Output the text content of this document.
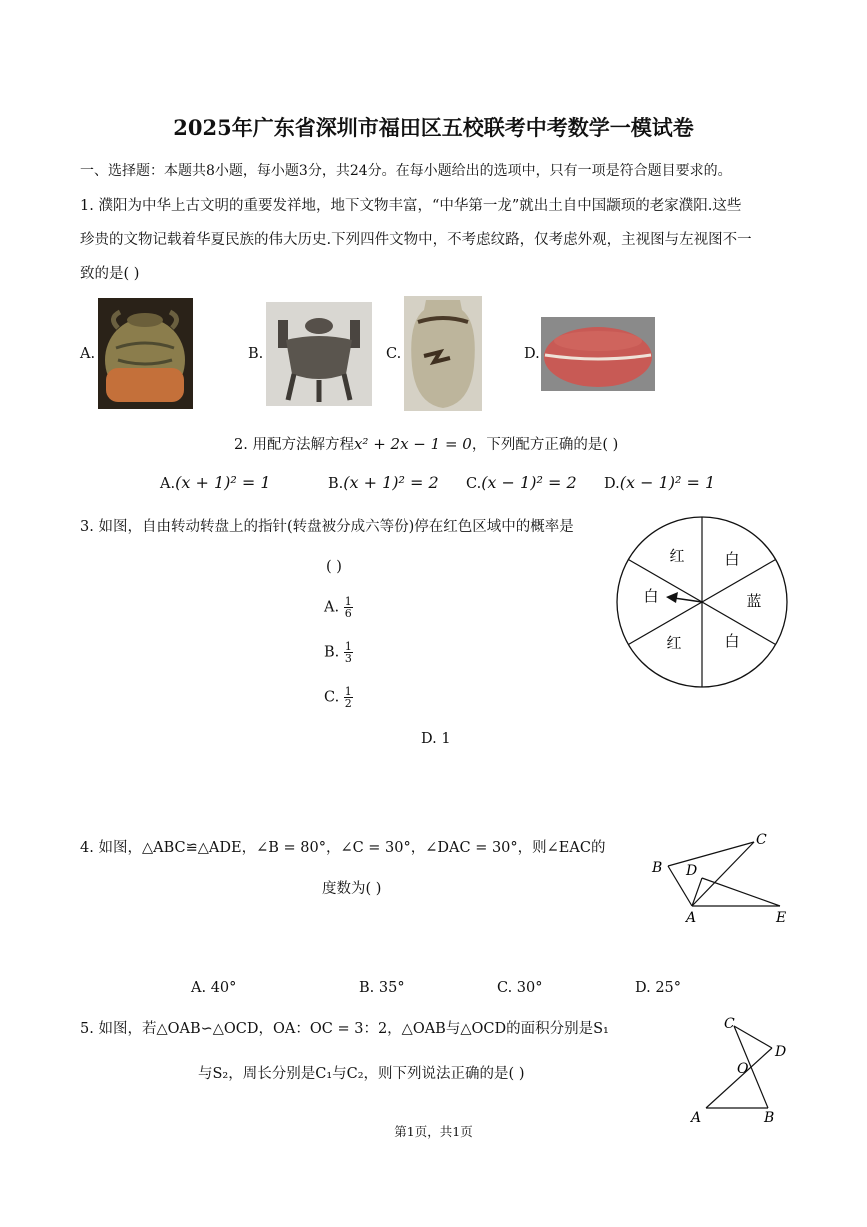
2025年广东省深圳市福田区五校联考中考数学一模试卷
一、选择题：本题共8小题，每小题3分，共24分。在每小题给出的选项中，只有一项是符合题目要求的。
1. 濮阳为中华上古文明的重要发祥地，地下文物丰富，“中华第一龙”就出土自中国颛顼的老家濮阳.这些
珍贵的文物记载着华夏民族的伟大历史.下列四件文物中，不考虑纹路，仅考虑外观，主视图与左视图不一
致的是( )
A.	B.	C.	D.
2. 用配方法解方程x² + 2x − 1 = 0，下列配方正确的是( )
A.(x + 1)² = 1	B.(x + 1)² = 2 C.(x − 1)² = 2 D.(x − 1)² = 1
3. 如图，自由转动转盘上的指针(转盘被分成六等份)停在红色区域中的概率是
( )
A. $\frac{1}{6}$
B. $\frac{1}{3}$
C. $\frac{1}{2}$
D. 1
红	白
蓝
白
红
白
4. 如图，△ABC≌△ADE，∠B = 80°，∠C = 30°，∠DAC = 30°，则∠EAC的
度数为( )
B D
C
A	E
A. 40°	B. 35°	C. 30°	D. 25°
5. 如图，若△OAB∽△OCD，OA：OC = 3：2，△OAB与△OCD的面积分别是S₁
与S₂，周长分别是C₁与C₂，则下列说法正确的是( )
C
D
O
A	B
第1页，共1页
